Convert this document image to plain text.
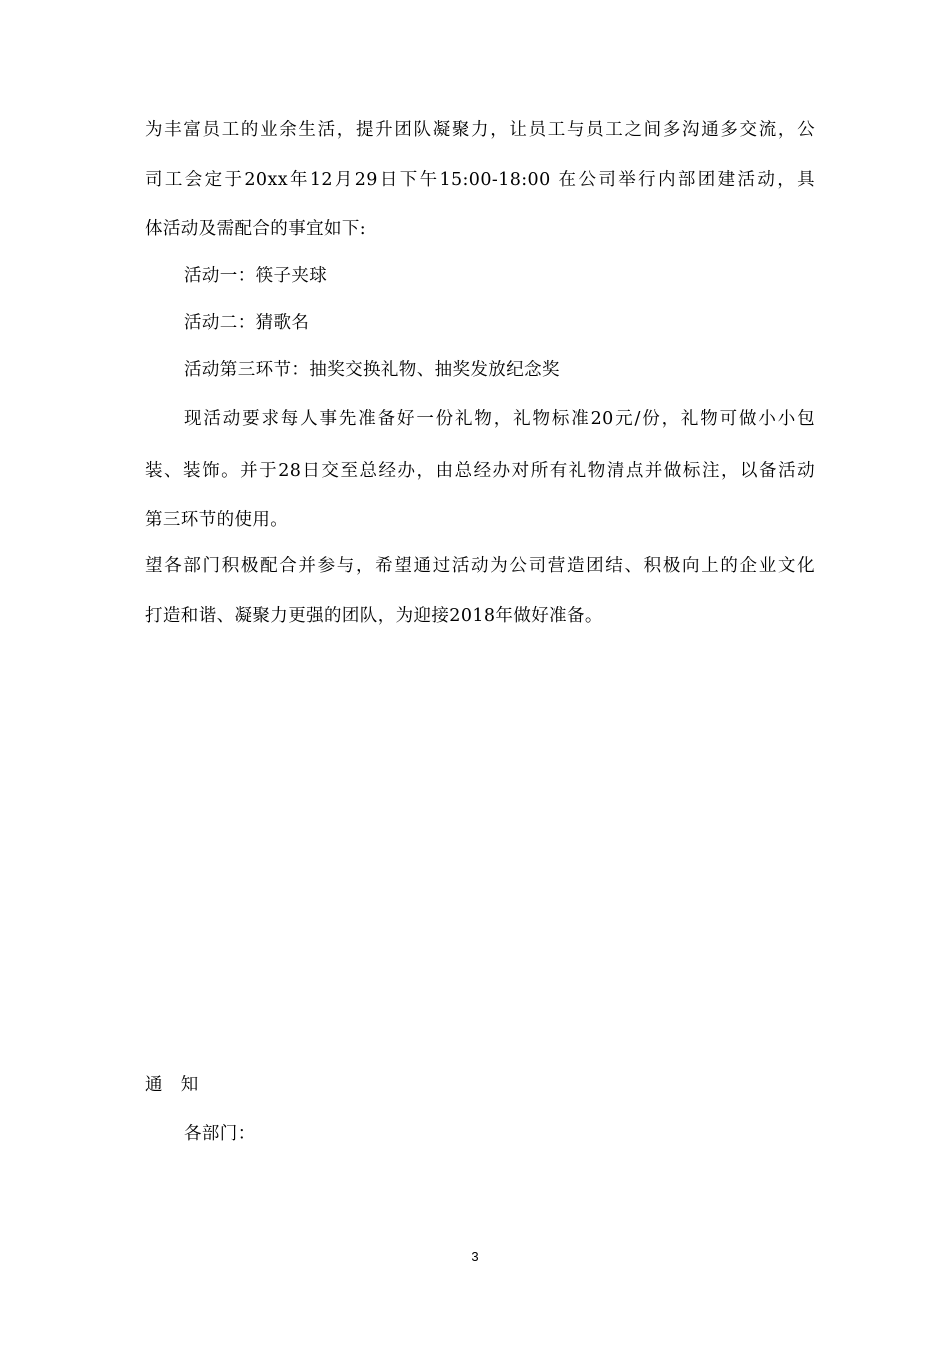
为丰富员工的业余生活，提升团队凝聚力，让员工与员工之间多沟通多交流，公
司工会定于20xx年12月29日下午15:00-18:00 在公司举行内部团建活动，具
体活动及需配合的事宜如下:
活动一：筷子夹球
活动二：猜歌名
活动第三环节：抽奖交换礼物、抽奖发放纪念奖
现活动要求每人事先准备好一份礼物，礼物标准20元/份，礼物可做小小包
装、装饰。并于28日交至总经办，由总经办对所有礼物清点并做标注，以备活动
第三环节的使用。
望各部门积极配合并参与，希望通过活动为公司营造团结、积极向上的企业文化
打造和谐、凝聚力更强的团队，为迎接2018年做好准备。
通　知
各部门：
3
